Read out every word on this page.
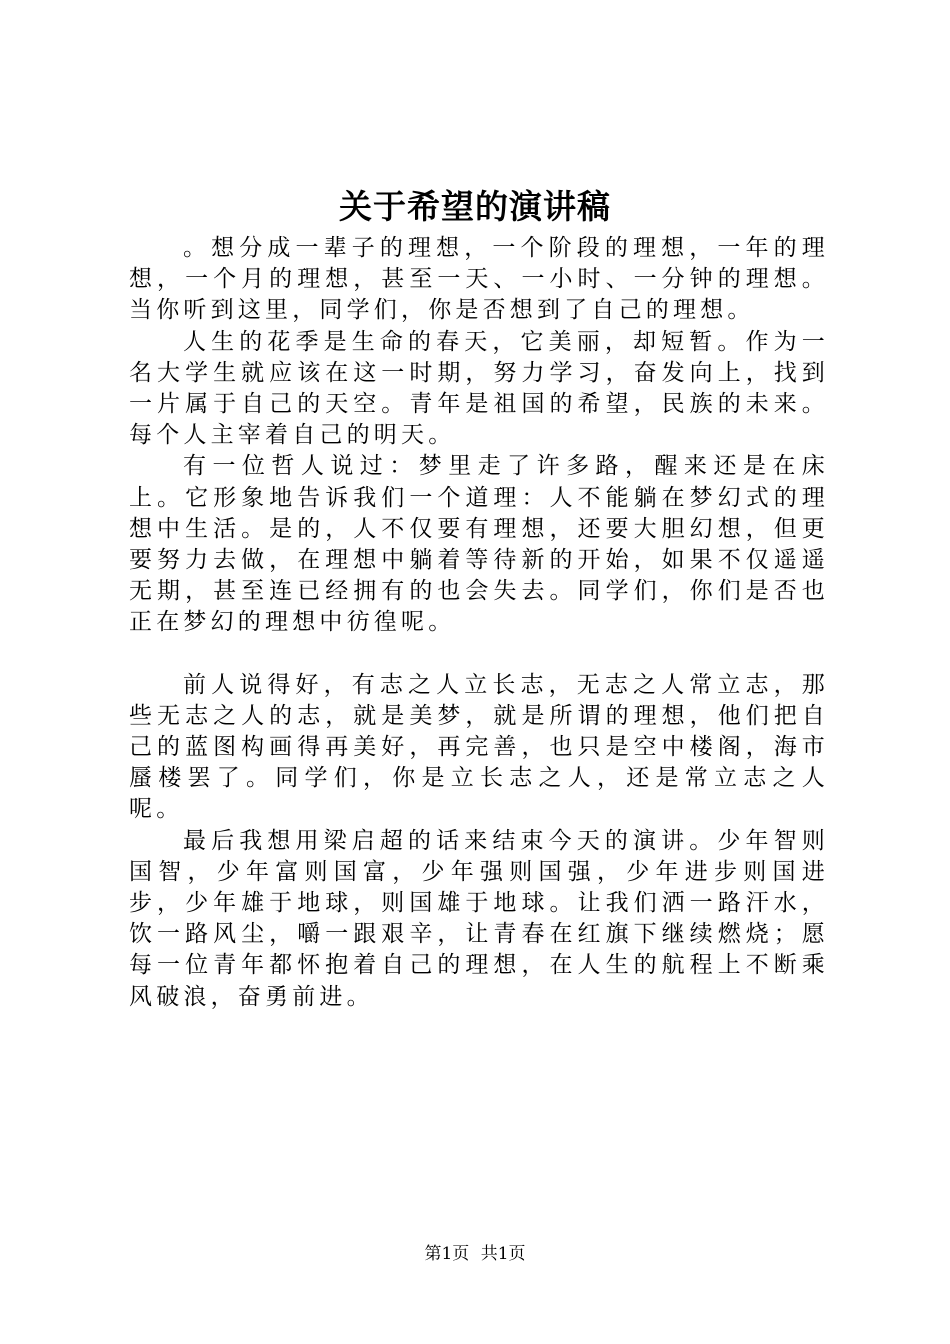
关于希望的演讲稿

。想分成一辈子的理想，一个阶段的理想，一年的理想，一个月的理想，甚至一天、一小时、一分钟的理想。当你听到这里，同学们，你是否想到了自己的理想。

人生的花季是生命的春天，它美丽，却短暂。作为一名大学生就应该在这一时期，努力学习，奋发向上，找到一片属于自己的天空。青年是祖国的希望，民族的未来。每个人主宰着自己的明天。

有一位哲人说过：梦里走了许多路，醒来还是在床上。它形象地告诉我们一个道理：人不能躺在梦幻式的理想中生活。是的，人不仅要有理想，还要大胆幻想，但更要努力去做，在理想中躺着等待新的开始，如果不仅遥遥无期，甚至连已经拥有的也会失去。同学们，你们是否也正在梦幻的理想中彷徨呢。

前人说得好，有志之人立长志，无志之人常立志，那些无志之人的志，就是美梦，就是所谓的理想，他们把自己的蓝图构画得再美好，再完善，也只是空中楼阁，海市蜃楼罢了。同学们，你是立长志之人，还是常立志之人呢。

最后我想用梁启超的话来结束今天的演讲。少年智则国智，少年富则国富，少年强则国强，少年进步则国进步，少年雄于地球，则国雄于地球。让我们洒一路汗水，饮一路风尘，嚼一跟艰辛，让青春在红旗下继续燃烧；愿每一位青年都怀抱着自己的理想，在人生的航程上不断乘风破浪，奋勇前进。

第1页 共1页
